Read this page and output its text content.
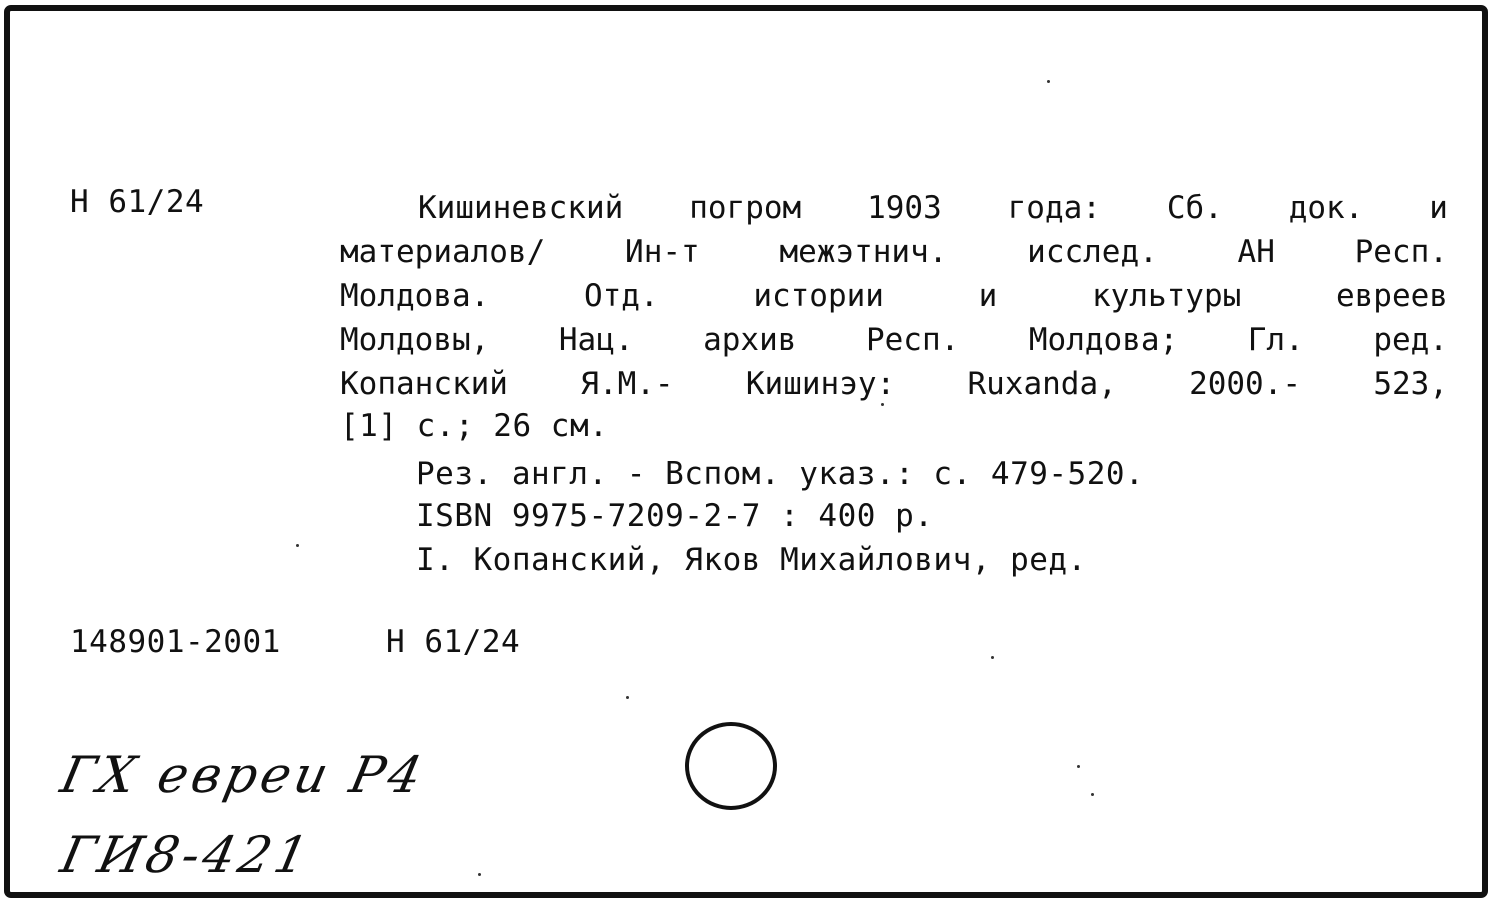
Н 61/24	Кишиневский погром 1903 года: Сб. док. и
материалов/	Ин-т	межэтнич.	исслед.	АН	Респ.
Молдова.	Отд.	истории	и	культуры	евреев
Молдовы, Нац. архив Респ. Молдова; Гл. ред.
Копанский Я.М.- Кишинэу: Ruxanda, 2000.- 523,
[1] с.; 26 см.
Рез. англ. - Вспом. указ.: с. 479-520.
ISBN 9975-7209-2-7 : 400 р.
I. Копанский, Яков Михайлович, ред.
148901-2001	Н 61/24
ГХ евреи Р4
ГИ8-421
